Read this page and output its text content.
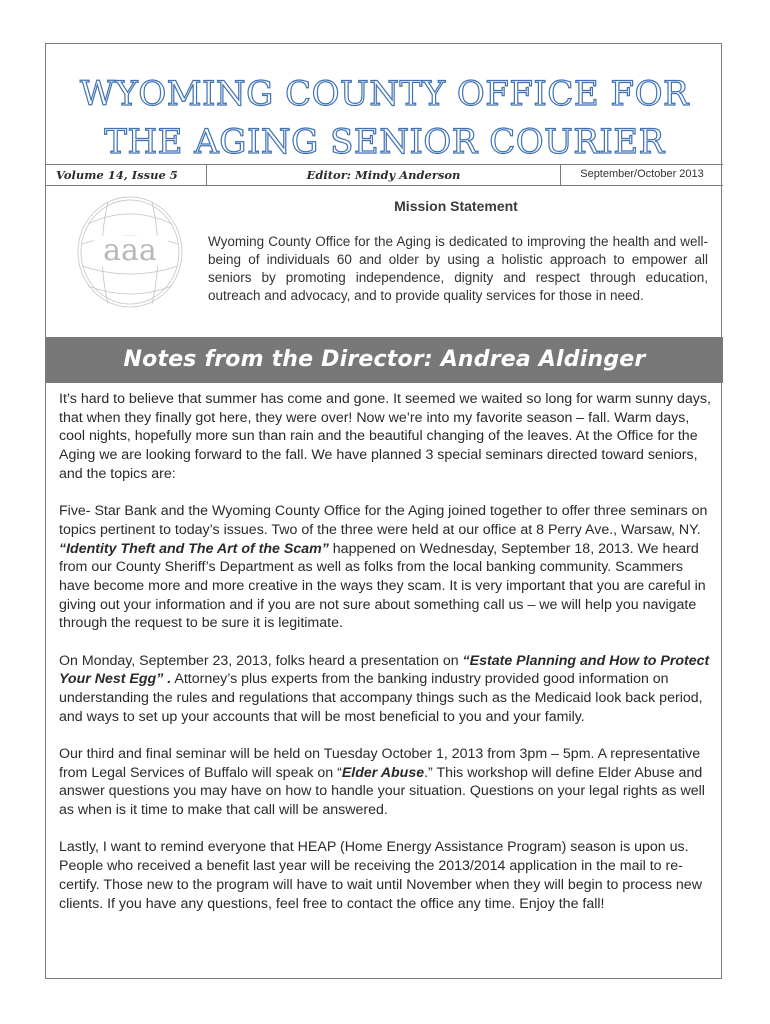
WYOMING COUNTY OFFICE FOR
THE AGING SENIOR COURIER
Volume 14, Issue 5	Editor: Mindy Anderson	September/October 2013
aaa
Mission Statement
Wyoming County Office for the Aging is dedicated to improving the health and well-being of individuals 60 and older by using a holistic approach to empower all seniors by promoting independence, dignity and respect through education, outreach and advocacy, and to provide quality services for those in need.
Notes from the Director: Andrea Aldinger

It’s hard to believe that summer has come and gone. It seemed we waited so long for warm sunny days, that when they finally got here, they were over! Now we’re into my favorite season – fall. Warm days, cool nights, hopefully more sun than rain and the beautiful changing of the leaves. At the Office for the Aging we are looking forward to the fall. We have planned 3 special seminars directed toward seniors, and the topics are:

Five- Star Bank and the Wyoming County Office for the Aging joined together to offer three seminars on topics pertinent to today’s issues. Two of the three were held at our office at 8 Perry Ave., Warsaw, NY. “Identity Theft and The Art of the Scam” happened on Wednesday, September 18, 2013. We heard from our County Sheriff’s Department as well as folks from the local banking community. Scammers have become more and more creative in the ways they scam. It is very important that you are careful in giving out your information and if you are not sure about something call us – we will help you navigate through the request to be sure it is legitimate.

On Monday, September 23, 2013, folks heard a presentation on “Estate Planning and How to Protect Your Nest Egg” . Attorney’s plus experts from the banking industry provided good information on understanding the rules and regulations that accompany things such as the Medicaid look back period, and ways to set up your accounts that will be most beneficial to you and your family.

Our third and final seminar will be held on Tuesday October 1, 2013 from 3pm – 5pm. A representative from Legal Services of Buffalo will speak on “Elder Abuse.” This workshop will define Elder Abuse and answer questions you may have on how to handle your situation. Questions on your legal rights as well as when is it time to make that call will be answered.

Lastly, I want to remind everyone that HEAP (Home Energy Assistance Program) season is upon us. People who received a benefit last year will be receiving the 2013/2014 application in the mail to re-certify. Those new to the program will have to wait until November when they will begin to process new clients. If you have any questions, feel free to contact the office any time. Enjoy the fall!
